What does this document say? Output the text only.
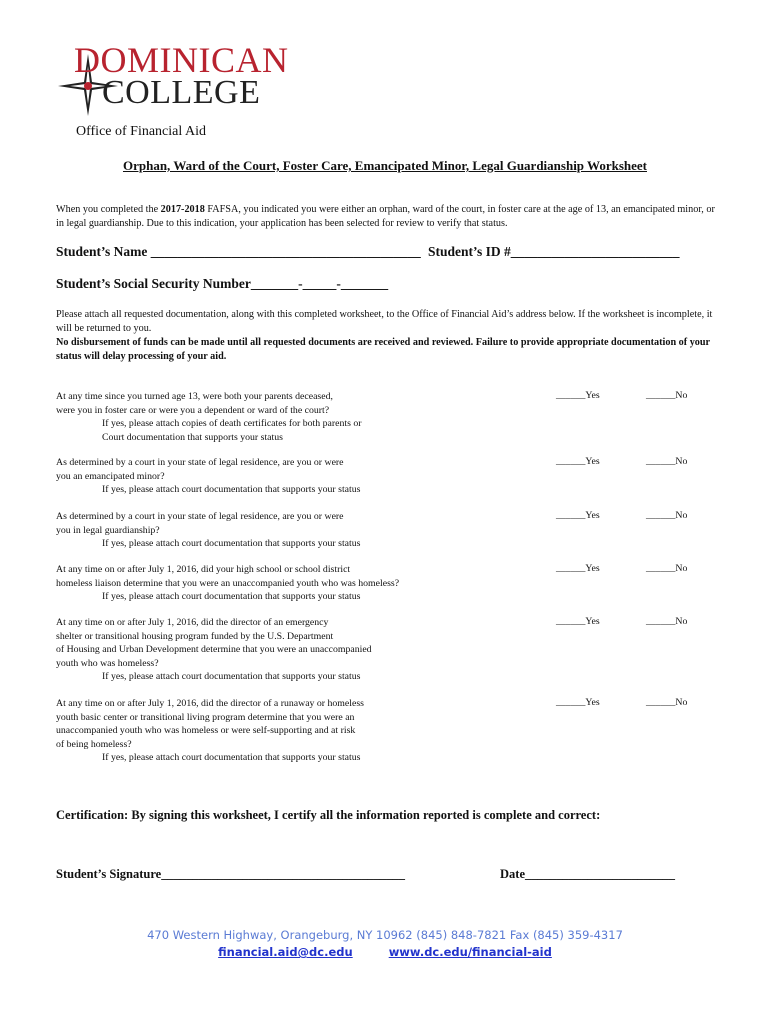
DOMINICAN
COLLEGE
Office of Financial Aid
Orphan, Ward of the Court, Foster Care, Emancipated Minor, Legal Guardianship Worksheet
When you completed the 2017-2018 FAFSA, you indicated you were either an orphan, ward of the court, in foster care at the age of 13, an emancipated minor, or in legal guardianship. Due to this indication, your application has been selected for review to verify that status.
Student’s Name ________________________________________ Student’s ID #_________________________
Student’s Social Security Number_______-_____-_______
Please attach all requested documentation, along with this completed worksheet, to the Office of Financial Aid’s address below. If the worksheet is incomplete, it will be returned to you.
No disbursement of funds can be made until all requested documents are received and reviewed. Failure to provide appropriate documentation of your status will delay processing of your aid.
At any time since you turned age 13, were both your parents deceased,
were you in foster care or were you a dependent or ward of the court?
If yes, please attach copies of death certificates for both parents or
Court documentation that supports your status
______Yes	______No
As determined by a court in your state of legal residence, are you or were
you an emancipated minor?
If yes, please attach court documentation that supports your status
______Yes	______No
As determined by a court in your state of legal residence, are you or were
you in legal guardianship?
If yes, please attach court documentation that supports your status
______Yes	______No
At any time on or after July 1, 2016, did your high school or school district
homeless liaison determine that you were an unaccompanied youth who was homeless?
If yes, please attach court documentation that supports your status
______Yes	______No
At any time on or after July 1, 2016, did the director of an emergency
shelter or transitional housing program funded by the U.S. Department
of Housing and Urban Development determine that you were an unaccompanied
youth who was homeless?
If yes, please attach court documentation that supports your status
______Yes	______No
At any time on or after July 1, 2016, did the director of a runaway or homeless
youth basic center or transitional living program determine that you were an
unaccompanied youth who was homeless or were self-supporting and at risk
of being homeless?
If yes, please attach court documentation that supports your status
______Yes	______No
Certification: By signing this worksheet, I certify all the information reported is complete and correct:
Student’s Signature_______________________________________	Date________________________
470 Western Highway, Orangeburg, NY 10962 (845) 848-7821 Fax (845) 359-4317
financial.aid@dc.edu	www.dc.edu/financial-aid
